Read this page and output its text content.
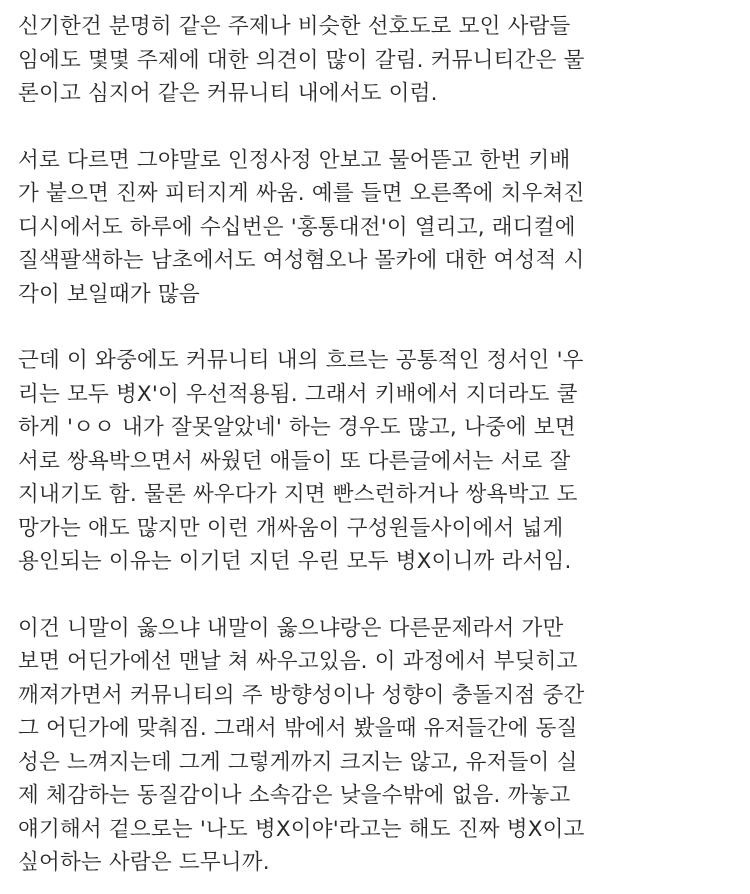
신기한건 분명히 같은 주제나 비슷한 선호도로 모인 사람들
임에도 몇몇 주제에 대한 의견이 많이 갈림. 커뮤니티간은 물
론이고 심지어 같은 커뮤니티 내에서도 이럼.
서로 다르면 그야말로 인정사정 안보고 물어뜯고 한번 키배
가 붙으면 진짜 피터지게 싸움. 예를 들면 오른쪽에 치우쳐진
디시에서도 하루에 수십번은 '홍통대전'이 열리고, 래디컬에
질색팔색하는 남초에서도 여성혐오나 몰카에 대한 여성적 시
각이 보일때가 많음
근데 이 와중에도 커뮤니티 내의 흐르는 공통적인 정서인 '우
리는 모두 병X'이 우선적용됨. 그래서 키배에서 지더라도 쿨
하게 'ㅇㅇ 내가 잘못알았네' 하는 경우도 많고, 나중에 보면
서로 쌍욕박으면서 싸웠던 애들이 또 다른글에서는 서로 잘
지내기도 함. 물론 싸우다가 지면 빤스런하거나 쌍욕박고 도
망가는 애도 많지만 이런 개싸움이 구성원들사이에서 넓게
용인되는 이유는 이기던 지던 우린 모두 병X이니까 라서임.
이건 니말이 옳으냐 내말이 옳으냐랑은 다른문제라서 가만
보면 어딘가에선 맨날 쳐 싸우고있음. 이 과정에서 부딪히고
깨져가면서 커뮤니티의 주 방향성이나 성향이 충돌지점 중간
그 어딘가에 맞춰짐. 그래서 밖에서 봤을때 유저들간에 동질
성은 느껴지는데 그게 그렇게까지 크지는 않고, 유저들이 실
제 체감하는 동질감이나 소속감은 낮을수밖에 없음. 까놓고
얘기해서 겉으로는 '나도 병X이야'라고는 해도 진짜 병X이고
싶어하는 사람은 드무니까.
